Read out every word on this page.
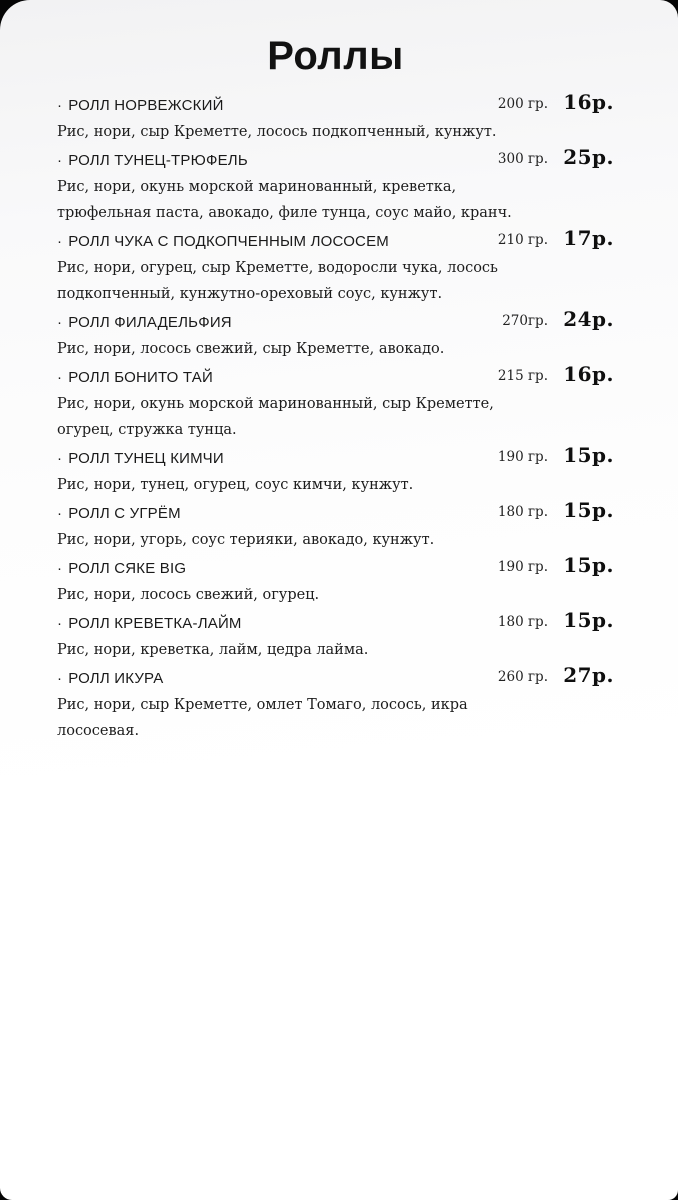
Роллы
· РОЛЛ НОРВЕЖСКИЙ	200 гр. 16р.
Рис, нори, сыр Креметте, лосось подкопченный, кунжут.
· РОЛЛ ТУНЕЦ-ТРЮФЕЛЬ	300 гр. 25р.
Рис, нори, окунь морской маринованный, креветка,
трюфельная паста, авокадо, филе тунца, соус майо, кранч.
· РОЛЛ ЧУКА С ПОДКОПЧЕННЫМ ЛОСОСЕМ	210 гр. 17р.
Рис, нори, огурец, сыр Креметте, водоросли чука, лосось
подкопченный, кунжутно-ореховый соус, кунжут.
· РОЛЛ ФИЛАДЕЛЬФИЯ	270гр. 24р.
Рис, нори, лосось свежий, сыр Креметте, авокадо.
· РОЛЛ БОНИТО ТАЙ	215 гр. 16р.
Рис, нори, окунь морской маринованный, сыр Креметте,
огурец, стружка тунца.
· РОЛЛ ТУНЕЦ КИМЧИ	190 гр. 15р.
Рис, нори, тунец, огурец, соус кимчи, кунжут.
· РОЛЛ С УГРЁМ	180 гр. 15р.
Рис, нори, угорь, соус терияки, авокадо, кунжут.
· РОЛЛ СЯКЕ BIG	190 гр. 15р.
Рис, нори, лосось свежий, огурец.
· РОЛЛ КРЕВЕТКА-ЛАЙМ	180 гр. 15р.
Рис, нори, креветка, лайм, цедра лайма.
· РОЛЛ ИКУРА	260 гр. 27р.
Рис, нори, сыр Креметте, омлет Томаго, лосось, икра
лососевая.
